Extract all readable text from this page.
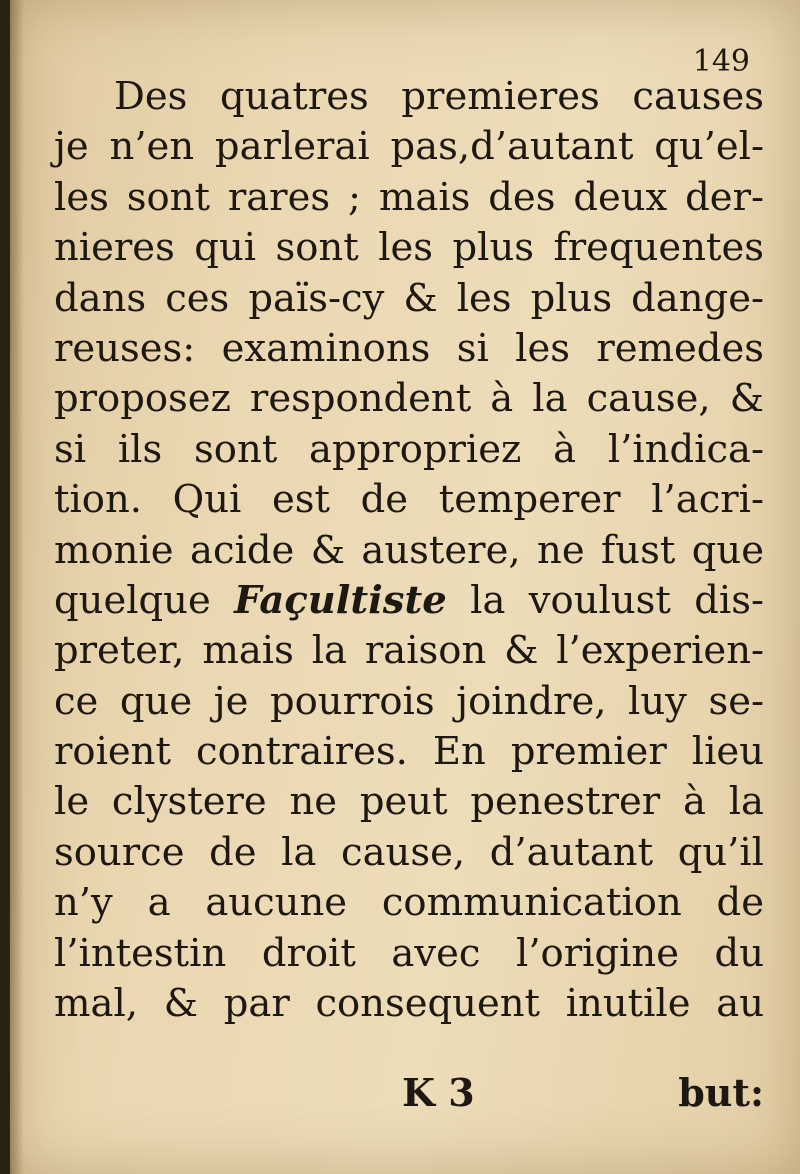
149

Des quatres premieres causes

je n’en parlerai pas,d’autant qu’el-

les sont rares ; mais des deux der-

nieres qui sont les plus frequentes

dans ces païs-cy & les plus dange-

reuses: examinons si les remedes

proposez respondent à la cause, &

si ils sont appropriez à l’indica-

tion. Qui est de temperer l’acri-

monie acide & austere, ne fust que

quelque Façultiste la voulust dis-

preter, mais la raison & l’experien-

ce que je pourrois joindre, luy se-

roient contraires. En premier lieu

le clystere ne peut penestrer à la

source de la cause, d’autant qu’il

n’y a aucune communication de

l’intestin droit avec l’origine du

mal, & par consequent inutile au

K 3	but:
